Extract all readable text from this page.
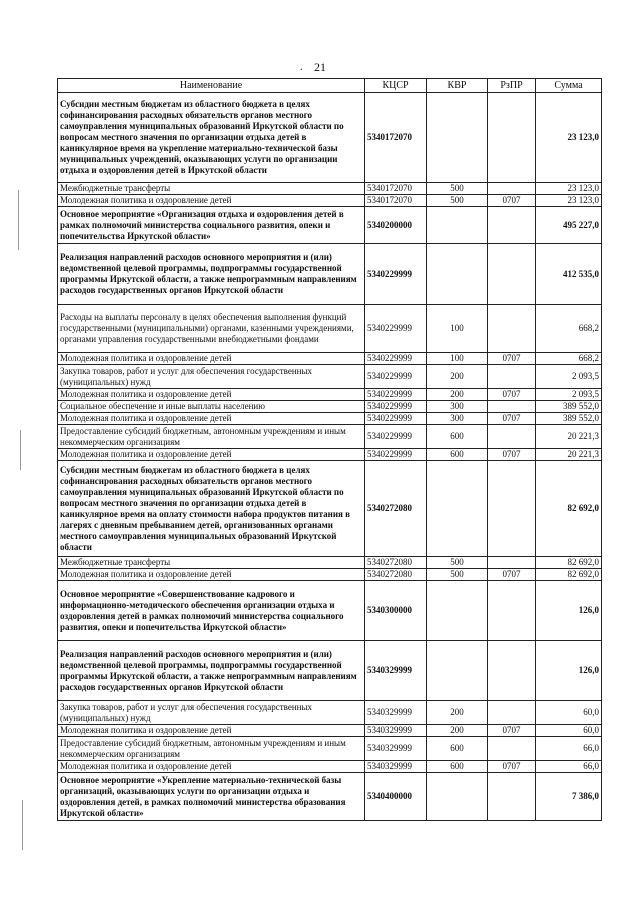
21
.
Наименование	КЦСР	КВР	РзПР	Сумма
Субсидии местным бюджетам из областного бюджета в целях софинансирования расходных обязательств органов местного самоуправления муниципальных образований Иркутской области по вопросам местного значения по организации отдыха детей в каникулярное время на укрепление материально-технической базы муниципальных учреждений, оказывающих услуги по организации отдыха и оздоровления детей в Иркутской области	5340172070			23 123,0
Межбюджетные трансферты	5340172070	500		23 123,0
Молодежная политика и оздоровление детей	5340172070	500	0707	23 123,0
Основное мероприятие «Организация отдыха и оздоровления детей в рамках полномочий министерства социального развития, опеки и попечительства Иркутской области»	5340200000			495 227,0
Реализация направлений расходов основного мероприятия и (или) ведомственной целевой программы, подпрограммы государственной программы Иркутской области, а также непрограммным направлениям расходов государственных органов Иркутской области	5340229999			412 535,0
Расходы на выплаты персоналу в целях обеспечения выполнения функций государственными (муниципальными) органами, казенными учреждениями, органами управления государственными внебюджетными фондами	5340229999	100		668,2
Молодежная политика и оздоровление детей	5340229999	100	0707	668,2
Закупка товаров, работ и услуг для обеспечения государственных (муниципальных) нужд	5340229999	200		2 093,5
Молодежная политика и оздоровление детей	5340229999	200	0707	2 093,5
Социальное обеспечение и иные выплаты населению	5340229999	300		389 552,0
Молодежная политика и оздоровление детей	5340229999	300	0707	389 552,0
Предоставление субсидий бюджетным, автономным учреждениям и иным некоммерческим организациям	5340229999	600		20 221,3
Молодежная политика и оздоровление детей	5340229999	600	0707	20 221,3
Субсидии местным бюджетам из областного бюджета в целях софинансирования расходных обязательств органов местного самоуправления муниципальных образований Иркутской области по вопросам местного значения по организации отдыха детей в каникулярное время на оплату стоимости набора продуктов питания в лагерях с дневным пребыванием детей, организованных органами местного самоуправления муниципальных образований Иркутской области	5340272080			82 692,0
Межбюджетные трансферты	5340272080	500		82 692,0
Молодежная политика и оздоровление детей	5340272080	500	0707	82 692,0
Основное мероприятие «Совершенствование кадрового и информационно-методического обеспечения организации отдыха и оздоровления детей в рамках полномочий министерства социального развития, опеки и попечительства Иркутской области»	5340300000			126,0
Реализация направлений расходов основного мероприятия и (или) ведомственной целевой программы, подпрограммы государственной программы Иркутской области, а также непрограммным направлениям расходов государственных органов Иркутской области	5340329999			126,0
Закупка товаров, работ и услуг для обеспечения государственных (муниципальных) нужд	5340329999	200		60,0
Молодежная политика и оздоровление детей	5340329999	200	0707	60,0
Предоставление субсидий бюджетным, автономным учреждениям и иным некоммерческим организациям	5340329999	600		66,0
Молодежная политика и оздоровление детей	5340329999	600	0707	66,0
Основное мероприятие «Укрепление материально-технической базы организаций, оказывающих услуги по организации отдыха и оздоровления детей, в рамках полномочий министерства образования Иркутской области»	5340400000			7 386,0
